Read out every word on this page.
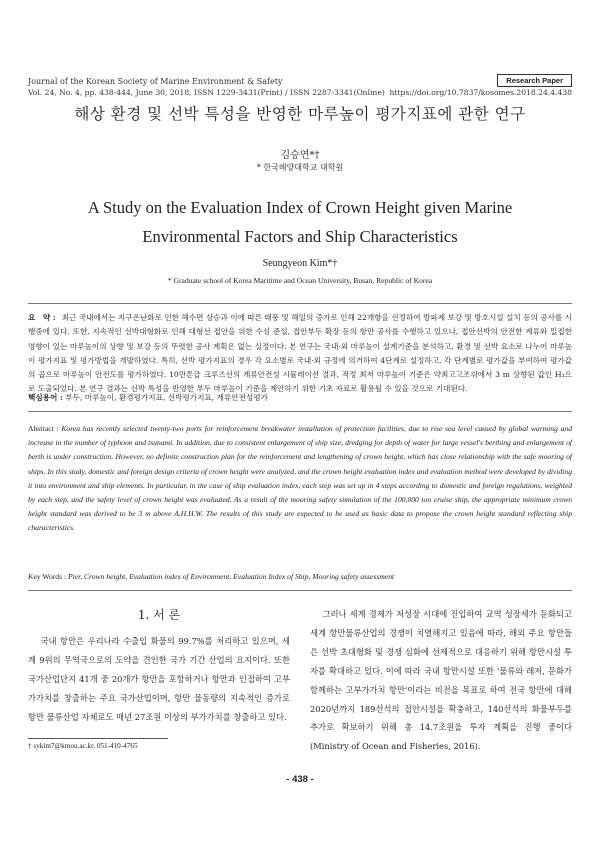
Journal of the Korean Society of Marine Environment & Safety	Research Paper
Vol. 24, No. 4, pp. 438-444, June 30, 2018, ISSN 1229-3431(Print) / ISSN 2287-3341(Online) https://doi.org/10.7837/kosomes.2018.24.4.438
해상 환경 및 선박 특성을 반영한 마루높이 평가지표에 관한 연구
김승연*†
* 한국해양대학교 대학원
A Study on the Evaluation Index of Crown Height given Marine Environmental Factors and Ship Characteristics
Seungyeon Kim*†
* Graduate school of Korea Maritime and Ocean University, Busan, Republic of Korea
요　약 : 최근 국내에서는 지구온난화로 인한 해수면 상승과 이에 따른 태풍 및 해일의 증가로 인해 22개항을 선정하여 방파제 보강 및 방호시설 설치 등의 공사를 시행중에 있다. 또한, 지속적인 선박대형화로 인해 대형선 접안을 위한 수심 준설, 접안부두 확장 등의 항만 공사를 수행하고 있으나, 접안선박의 안전한 계류와 밀접한 영향이 있는 마루높이의 상향 및 보강 등의 뚜렷한 공사 계획은 없는 실정이다. 본 연구는 국내·외 마루높이 설계기준을 분석하고, 환경 및 선박 요소로 나누어 마루높이 평가지표 및 평가방법을 개발하였다. 특히, 선박 평가지표의 경우 각 요소별로 국내·외 규정에 의거하여 4단계로 설정하고, 각 단계별로 평가값을 부여하여 평가값의 곱으로 마루높이 안전도를 평가하였다. 10만톤급 크루즈선의 계류안전성 시뮬레이션 결과, 적정 최저 마루높이 기준은 약최고고조위에서 3 m 상향된 값인 H₁으로 도출되었다. 본 연구 결과는 선박 특성을 반영한 부두 마루높이 기준을 제안하기 위한 기초 자료로 활용될 수 있을 것으로 기대된다.
핵심용어 : 부두, 마루높이, 환경평가지표, 선박평가지표, 계류안전성평가
Abstract : Korea has recently selected twenty-two ports for reinforcement breakwater installation of protection facilities, due to rise sea level caused by global warming and increase in the number of typhoon and tsunami. In addition, due to consistent enlargement of ship size, dredging for depth of water for large vessel's berthing and enlargement of berth is under construction. However, no definite construction plan for the reinforcement and lengthening of crown height, which has close relationship with the safe mooring of ships. In this study, domestic and foreign design criteria of crown height were analyzed, and the crown height evaluation index and evaluation method were developed by dividing it into environment and ship elements. In particular, in the case of ship evaluation index, each step was set up in 4 steps according to domestic and foreign regulations, weighted by each step, and the safety level of crown height was evaluated. As a result of the mooring safety simulation of the 100,000 ton cruise ship, the appropriate minimum crown height standard was derived to be 3 m above A.H.H.W. The results of this study are expected to be used as basic data to propose the crown height standard reflecting ship characteristics.
Key Words : Pier, Crown height, Evaluation index of Environment, Evaluation Index of Ship, Mooring safety assessment
1. 서 론
국내 항만은 우리나라 수출입 화물의 99.7%를 처리하고 있으며, 세계 9위의 무역국으로의 도약을 견인한 국가 기간 산업의 요지이다. 또한 국가산업단지 41개 중 20개가 항만을 포함하거나 항만과 인접하여 고부가가치를 창출하는 주요 국가산업이며, 항만 물동량의 지속적인 증가로 항만 물류산업 자체로도 매년 27조원 이상의 부가가치를 창출하고 있다.
그러나 세계 경제가 저성장 시대에 진입하여 교역 성장세가 둔화되고 세계 항만물류산업의 경쟁이 치열해지고 있음에 따라, 해외 주요 항만들은 선박 초대형화 및 경쟁 심화에 선제적으로 대응하기 위해 항만시설 투자를 확대하고 있다. 이에 따라 국내 항만시설 또한 '물류와 레저, 문화가 함께하는 고부가가치 항만'이라는 비전을 목표로 하여 전국 항만에 대해 2020년까지 189선석의 접안시설을 확충하고, 140선석의 화물부두를 추가로 확보하기 위해 총 14.7조원을 투자 계획을 진행 중이다(Ministry of Ocean and Fisheries, 2016).
† sykim7@kmou.ac.kr, 051-410-4765
- 438 -
